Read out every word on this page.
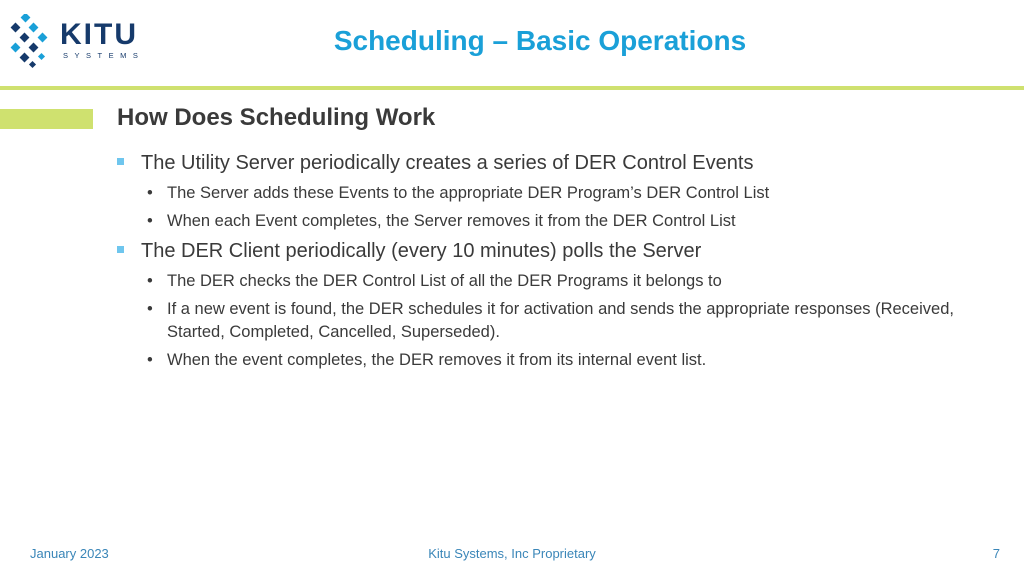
KITU
SYSTEMS	Scheduling – Basic Operations
How Does Scheduling Work
The Utility Server periodically creates a series of DER Control Events
• The Server adds these Events to the appropriate DER Program’s DER Control List
• When each Event completes, the Server removes it from the DER Control List
The DER Client periodically (every 10 minutes) polls the Server
• The DER checks the DER Control List of all the DER Programs it belongs to
• If a new event is found, the DER schedules it for activation and sends the appropriate responses (Received, Started, Completed, Cancelled, Superseded).
• When the event completes, the DER removes it from its internal event list.
January 2023	Kitu Systems, Inc Proprietary	7
